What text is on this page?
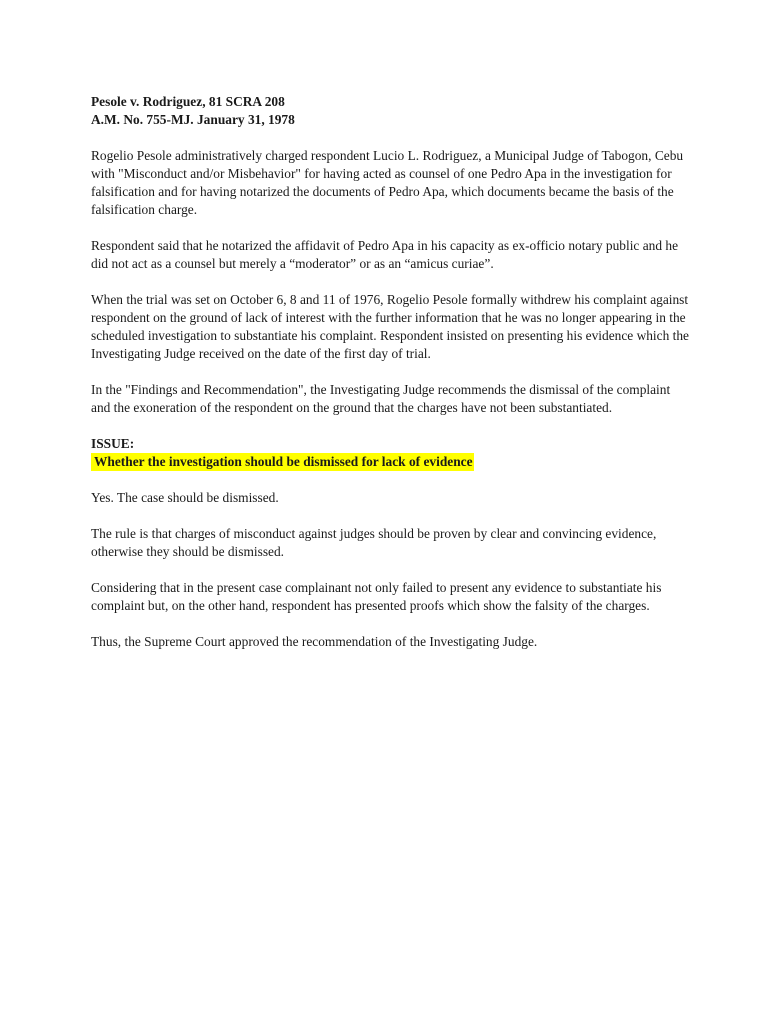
Pesole v. Rodriguez, 81 SCRA 208
A.M. No. 755-MJ. January 31, 1978

Rogelio Pesole administratively charged respondent Lucio L. Rodriguez, a Municipal Judge of Tabogon, Cebu with "Misconduct and/or Misbehavior" for having acted as counsel of one Pedro Apa in the investigation for falsification and for having notarized the documents of Pedro Apa, which documents became the basis of the falsification charge.

Respondent said that he notarized the affidavit of Pedro Apa in his capacity as ex-officio notary public and he did not act as a counsel but merely a “moderator” or as an “amicus curiae”.

When the trial was set on October 6, 8 and 11 of 1976, Rogelio Pesole formally withdrew his complaint against respondent on the ground of lack of interest with the further information that he was no longer appearing in the scheduled investigation to substantiate his complaint. Respondent insisted on presenting his evidence which the Investigating Judge received on the date of the first day of trial.

In the "Findings and Recommendation", the Investigating Judge recommends the dismissal of the complaint and the exoneration of the respondent on the ground that the charges have not been substantiated.

ISSUE:
Whether the investigation should be dismissed for lack of evidence

Yes. The case should be dismissed.

The rule is that charges of misconduct against judges should be proven by clear and convincing evidence, otherwise they should be dismissed.

Considering that in the present case complainant not only failed to present any evidence to substantiate his complaint but, on the other hand, respondent has presented proofs which show the falsity of the charges.

Thus, the Supreme Court approved the recommendation of the Investigating Judge.
